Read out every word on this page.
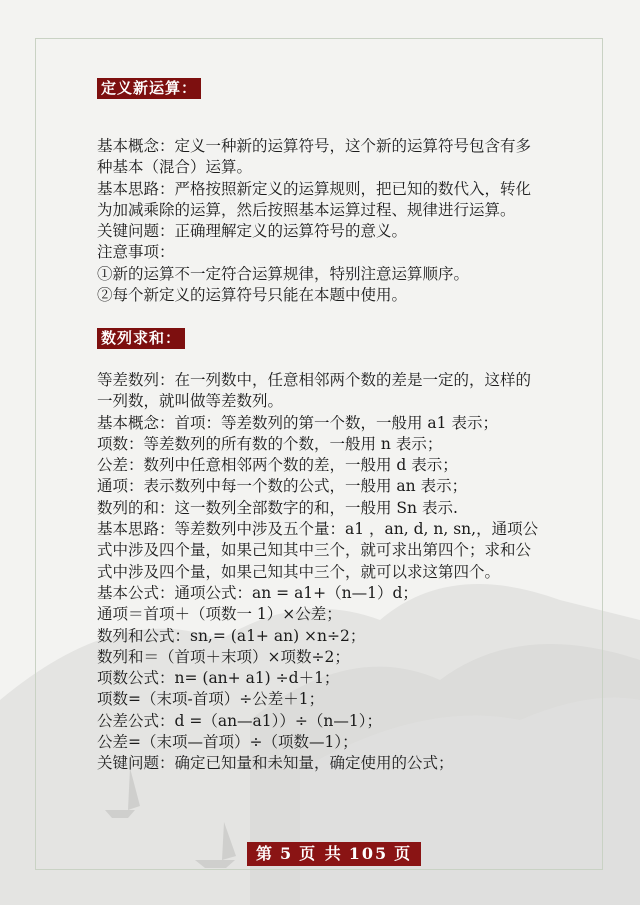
定义新运算：
基本概念：定义一种新的运算符号，这个新的运算符号包含有多
种基本（混合）运算。
基本思路：严格按照新定义的运算规则，把已知的数代入，转化
为加减乘除的运算，然后按照基本运算过程、规律进行运算。
关键问题：正确理解定义的运算符号的意义。
注意事项：
①新的运算不一定符合运算规律，特别注意运算顺序。
②每个新定义的运算符号只能在本题中使用。
数列求和：
等差数列：在一列数中，任意相邻两个数的差是一定的，这样的
一列数，就叫做等差数列。
基本概念：首项：等差数列的第一个数，一般用 a1 表示；
项数：等差数列的所有数的个数，一般用 n 表示；
公差：数列中任意相邻两个数的差，一般用 d 表示；
通项：表示数列中每一个数的公式，一般用 an 表示；
数列的和：这一数列全部数字的和，一般用 Sn 表示.
基本思路：等差数列中涉及五个量：a1 ，an, d, n, sn,，通项公
式中涉及四个量，如果己知其中三个，就可求出第四个；求和公
式中涉及四个量，如果己知其中三个，就可以求这第四个。
基本公式：通项公式：an = a1+（n—1）d；
通项＝首项＋（项数一 1）×公差；
数列和公式：sn,= (a1+ an) ×n÷2；
数列和＝（首项＋末项）×项数÷2；
项数公式：n= (an+ a1) ÷d＋1；
项数=（末项-首项）÷公差＋1；
公差公式：d =（an—a1））÷（n—1）；
公差=（末项—首项）÷（项数—1）；
关键问题：确定已知量和未知量，确定使用的公式；
第 5 页 共 105 页
